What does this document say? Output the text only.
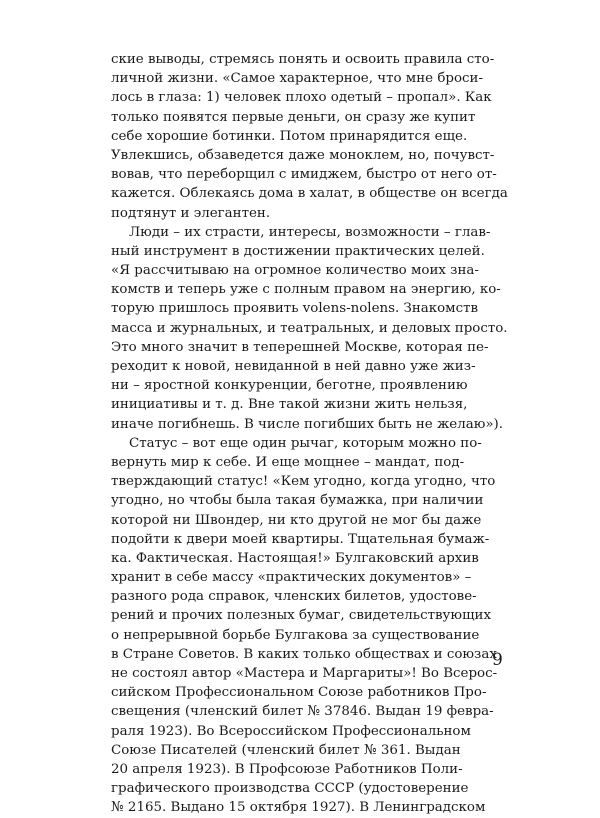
ские выводы, стремясь понять и освоить правила сто-
личной жизни. «Самое характерное, что мне броси-
лось в глаза: 1) человек плохо одетый – пропал». Как
только появятся первые деньги, он сразу же купит
себе хорошие ботинки. Потом принарядится еще.
Увлекшись, обзаведется даже моноклем, но, почувст-
вовав, что переборщил с имиджем, быстро от него от-
кажется. Облекаясь дома в халат, в обществе он всегда
подтянут и элегантен.
Люди – их страсти, интересы, возможности – глав-
ный инструмент в достижении практических целей.
«Я рассчитываю на огромное количество моих зна-
комств и теперь уже с полным правом на энергию, ко-
торую пришлось проявить volens-nolens. Знакомств
масса и журнальных, и театральных, и деловых просто.
Это много значит в теперешней Москве, которая пе-
реходит к новой, невиданной в ней давно уже жиз-
ни – яростной конкуренции, беготне, проявлению
инициативы и т. д. Вне такой жизни жить нельзя,
иначе погибнешь. В числе погибших быть не желаю»).
Статус – вот еще один рычаг, которым можно по-
вернуть мир к себе. И еще мощнее – мандат, под-
тверждающий статус! «Кем угодно, когда угодно, что
угодно, но чтобы была такая бумажка, при наличии
которой ни Швондер, ни кто другой не мог бы даже
подойти к двери моей квартиры. Тщательная бумаж-
ка. Фактическая. Настоящая!» Булгаковский архив
хранит в себе массу «практических документов» –
разного рода справок, членских билетов, удостове-
рений и прочих полезных бумаг, свидетельствующих
о непрерывной борьбе Булгакова за существование
в Стране Советов. В каких только обществах и союзах
не состоял автор «Мастера и Маргариты»! Во Всерос-
сийском Профессиональном Союзе работников Про-
свещения (членский билет № 37846. Выдан 19 февра-
раля 1923). Во Всероссийском Профессиональном
Союзе Писателей (членский билет № 361. Выдан
20 апреля 1923). В Профсоюзе Работников Поли-
графического производства СССР (удостоверение
№ 2165. Выдано 15 октября 1927). В Ленинградском
9
